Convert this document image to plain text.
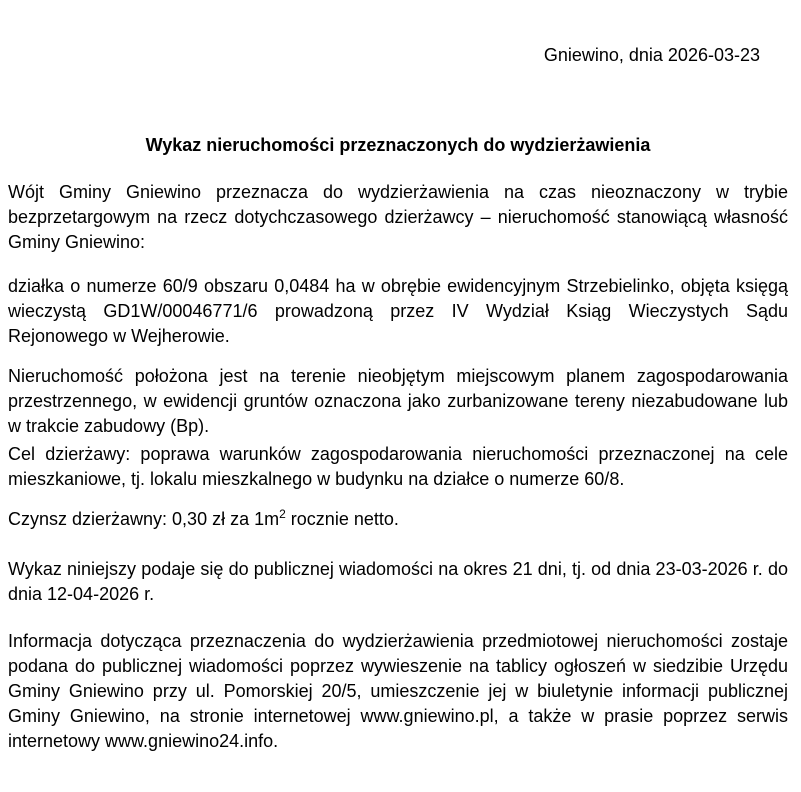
Gniewino, dnia 2026-03-23

Wykaz nieruchomości przeznaczonych do wydzierżawienia

Wójt Gminy Gniewino przeznacza do wydzierżawienia na czas nieoznaczony w trybie bezprzetargowym na rzecz dotychczasowego dzierżawcy – nieruchomość stanowiącą własność Gminy Gniewino:

działka o numerze 60/9 obszaru 0,0484 ha w obrębie ewidencyjnym Strzebielinko, objęta księgą wieczystą GD1W/00046771/6 prowadzoną przez IV Wydział Ksiąg Wieczystych Sądu Rejonowego w Wejherowie.

Nieruchomość położona jest na terenie nieobjętym miejscowym planem zagospodarowania przestrzennego, w ewidencji gruntów oznaczona jako zurbanizowane tereny niezabudowane lub w trakcie zabudowy (Bp).

Cel dzierżawy: poprawa warunków zagospodarowania nieruchomości przeznaczonej na cele mieszkaniowe, tj. lokalu mieszkalnego w budynku na działce o numerze 60/8.

Czynsz dzierżawny: 0,30 zł za $1m^2$ rocznie netto.

Wykaz niniejszy podaje się do publicznej wiadomości na okres 21 dni, tj. od dnia 23-03-2026 r. do dnia 12-04-2026 r.

Informacja dotycząca przeznaczenia do wydzierżawienia przedmiotowej nieruchomości zostaje podana do publicznej wiadomości poprzez wywieszenie na tablicy ogłoszeń w siedzibie Urzędu Gminy Gniewino przy ul. Pomorskiej 20/5, umieszczenie jej w biuletynie informacji publicznej Gminy Gniewino, na stronie internetowej www.gniewino.pl, a także w prasie poprzez serwis internetowy www.gniewino24.info.
